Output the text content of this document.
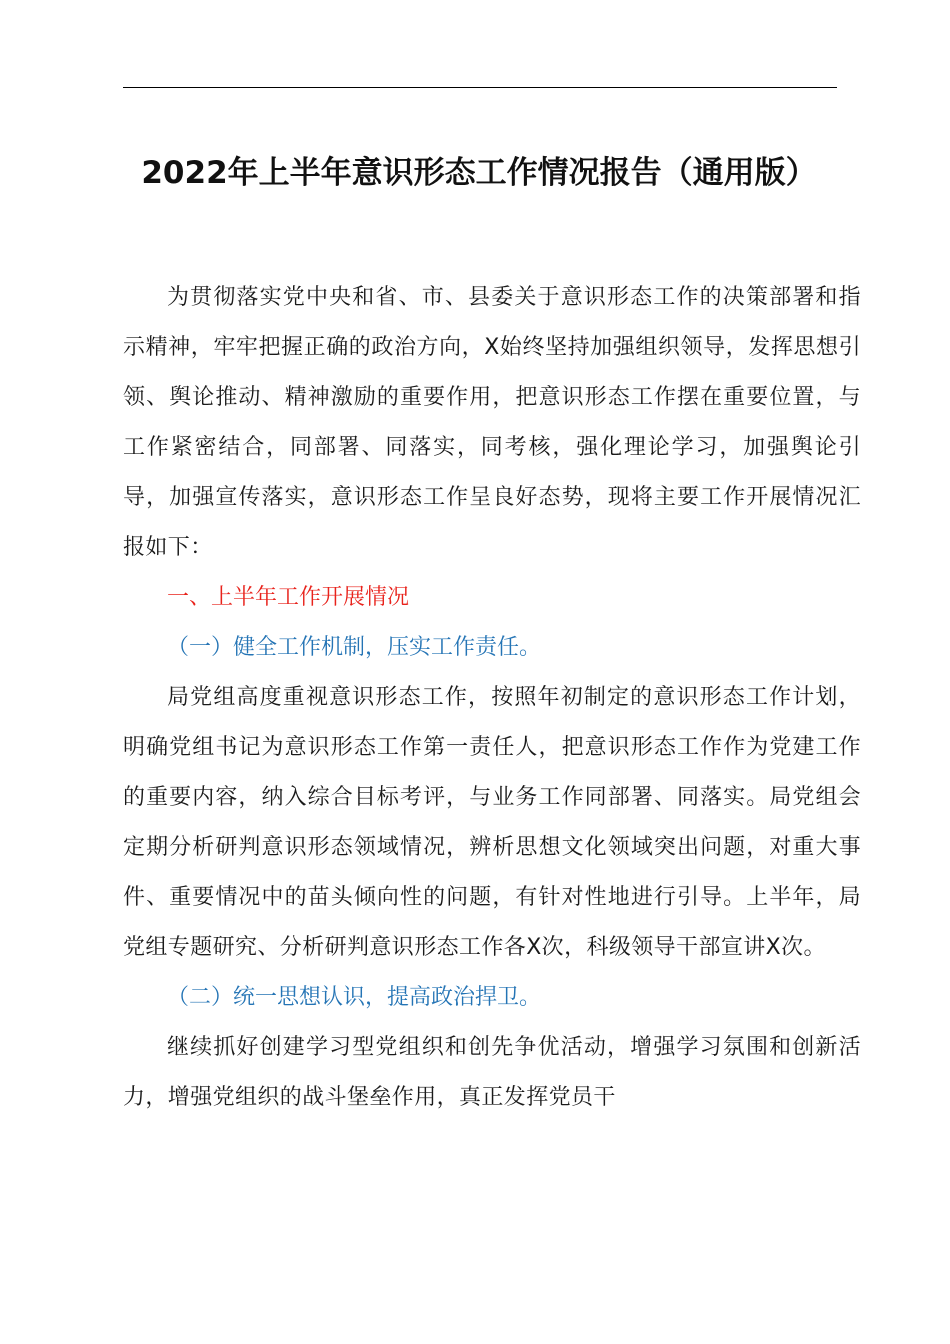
2022年上半年意识形态工作情况报告（通用版）

为贯彻落实党中央和省、市、县委关于意识形态工作的决策部署和指示精神，牢牢把握正确的政治方向，X始终坚持加强组织领导，发挥思想引领、舆论推动、精神激励的重要作用，把意识形态工作摆在重要位置，与工作紧密结合，同部署、同落实，同考核，强化理论学习，加强舆论引导，加强宣传落实，意识形态工作呈良好态势，现将主要工作开展情况汇报如下：

一、上半年工作开展情况

（一）健全工作机制，压实工作责任。

局党组高度重视意识形态工作，按照年初制定的意识形态工作计划，明确党组书记为意识形态工作第一责任人，把意识形态工作作为党建工作的重要内容，纳入综合目标考评，与业务工作同部署、同落实。局党组会定期分析研判意识形态领域情况，辨析思想文化领域突出问题，对重大事件、重要情况中的苗头倾向性的问题，有针对性地进行引导。上半年，局党组专题研究、分析研判意识形态工作各X次，科级领导干部宣讲X次。

（二）统一思想认识，提高政治捍卫。

继续抓好创建学习型党组织和创先争优活动，增强学习氛围和创新活力，增强党组织的战斗堡垒作用，真正发挥党员干
